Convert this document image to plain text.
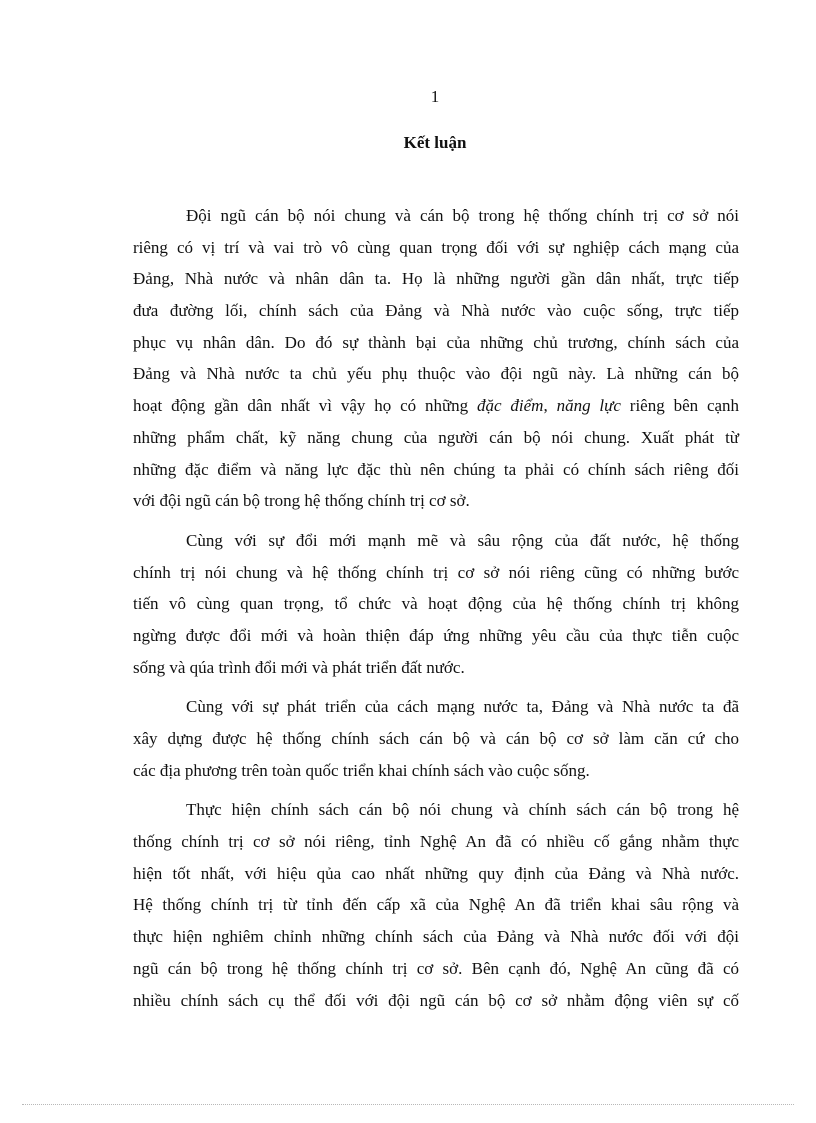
1
Kết luận
Đội ngũ cán bộ nói chung và cán bộ trong hệ thống chính trị cơ sở nói
riêng có vị trí và vai trò vô cùng quan trọng đối với sự nghiệp cách mạng của
Đảng, Nhà nước và nhân dân ta. Họ là những người gần dân nhất, trực tiếp
đưa đường lối, chính sách của Đảng và Nhà nước vào cuộc sống, trực tiếp
phục vụ nhân dân. Do đó sự thành bại của những chủ trương, chính sách của
Đảng và Nhà nước ta chủ yếu phụ thuộc vào đội ngũ này. Là những cán bộ
hoạt động gần dân nhất vì vậy họ có những đặc điểm, năng lực riêng bên cạnh
những phẩm chất, kỹ năng chung của người cán bộ nói chung. Xuất phát từ
những đặc điểm và năng lực đặc thù nên chúng ta phải có chính sách riêng đối
với đội ngũ cán bộ trong hệ thống chính trị cơ sở.
Cùng với sự đổi mới mạnh mẽ và sâu rộng của đất nước, hệ thống
chính trị nói chung và hệ thống chính trị cơ sở nói riêng cũng có những bước
tiến vô cùng quan trọng, tổ chức và hoạt động của hệ thống chính trị không
ngừng được đổi mới và hoàn thiện đáp ứng những yêu cầu của thực tiễn cuộc
sống và qúa trình đổi mới và phát triển đất nước.
Cùng với sự phát triển của cách mạng nước ta, Đảng và Nhà nước ta đã
xây dựng được hệ thống chính sách cán bộ và cán bộ cơ sở làm căn cứ cho
các địa phương trên toàn quốc triển khai chính sách vào cuộc sống.
Thực hiện chính sách cán bộ nói chung và chính sách cán bộ trong hệ
thống chính trị cơ sở nói riêng, tỉnh Nghệ An đã có nhiều cố gắng nhằm thực
hiện tốt nhất, với hiệu qủa cao nhất những quy định của Đảng và Nhà nước.
Hệ thống chính trị từ tỉnh đến cấp xã của Nghệ An đã triển khai sâu rộng và
thực hiện nghiêm chỉnh những chính sách của Đảng và Nhà nước đối với đội
ngũ cán bộ trong hệ thống chính trị cơ sở. Bên cạnh đó, Nghệ An cũng đã có
nhiều chính sách cụ thể đối với đội ngũ cán bộ cơ sở nhằm động viên sự cố
